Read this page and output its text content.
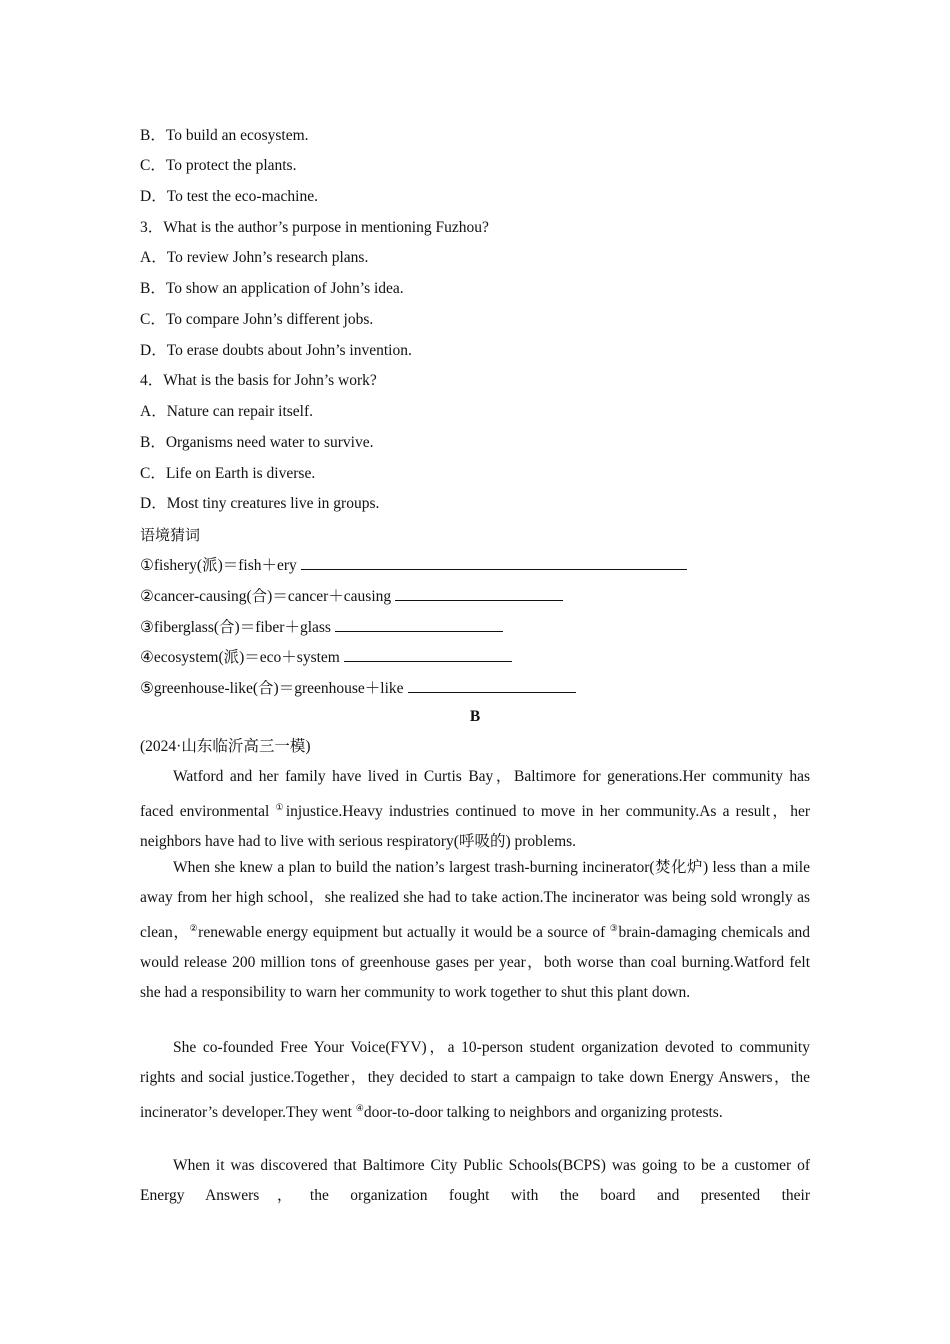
B．To build an ecosystem.
C．To protect the plants.
D．To test the eco-machine.
3．What is the author’s purpose in mentioning Fuzhou?
A．To review John’s research plans.
B．To show an application of John’s idea.
C．To compare John’s different jobs.
D．To erase doubts about John’s invention.
4．What is the basis for John’s work?
A．Nature can repair itself.
B．Organisms need water to survive.
C．Life on Earth is diverse.
D．Most tiny creatures live in groups.
语境猜词
①fishery(派)＝fish＋ery
②cancer-causing(合)＝cancer＋causing
③fiberglass(合)＝fiber＋glass
④ecosystem(派)＝eco＋system
⑤greenhouse-like(合)＝greenhouse＋like
B
(2024·山东临沂高三一模)
Watford and her family have lived in Curtis Bay，Baltimore for generations.Her community has faced environmental ①injustice.Heavy industries continued to move in her community.As a result，her neighbors have had to live with serious respiratory(呼吸的) problems.
When she knew a plan to build the nation’s largest trash-burning incinerator(焚化炉) less than a mile away from her high school，she realized she had to take action.The incinerator was being sold wrongly as clean，②renewable energy equipment but actually it would be a source of ③brain-damaging chemicals and would release 200 million tons of greenhouse gases per year，both worse than coal burning.Watford felt she had a responsibility to warn her community to work together to shut this plant down.
She co-founded Free Your Voice(FYV)，a 10-person student organization devoted to community rights and social justice.Together，they decided to start a campaign to take down Energy Answers，the incinerator’s developer.They went ④door-to-door talking to neighbors and organizing protests.
When it was discovered that Baltimore City Public Schools(BCPS) was going to be a customer of Energy Answers，the organization fought with the board and presented their
